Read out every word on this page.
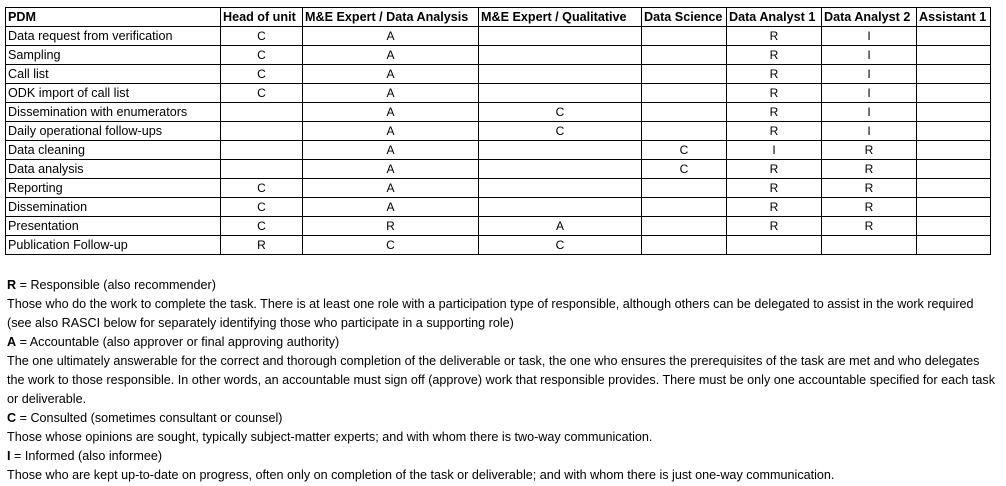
PDM	Head of unit	M&E Expert / Data Analysis	M&E Expert / Qualitative	Data Science	Data Analyst 1	Data Analyst 2	Assistant 1
Data request from verification	C	A			R	I	
Sampling	C	A			R	I	
Call list	C	A			R	I	
ODK import of call list	C	A			R	I	
Dissemination with enumerators		A	C		R	I	
Daily operational follow-ups		A	C		R	I	
Data cleaning		A		C	I	R	
Data analysis		A		C	R	R	
Reporting	C	A			R	R	
Dissemination	C	A			R	R	
Presentation	C	R	A		R	R	
Publication Follow-up	R	C	C				

R = Responsible (also recommender)

Those who do the work to complete the task. There is at least one role with a participation type of responsible, although others can be delegated to assist in the work required (see also RASCI below for separately identifying those who participate in a supporting role)

A = Accountable (also approver or final approving authority)

The one ultimately answerable for the correct and thorough completion of the deliverable or task, the one who ensures the prerequisites of the task are met and who delegates the work to those responsible. In other words, an accountable must sign off (approve) work that responsible provides. There must be only one accountable specified for each task or deliverable.

C = Consulted (sometimes consultant or counsel)

Those whose opinions are sought, typically subject-matter experts; and with whom there is two-way communication.

I = Informed (also informee)

Those who are kept up-to-date on progress, often only on completion of the task or deliverable; and with whom there is just one-way communication.
